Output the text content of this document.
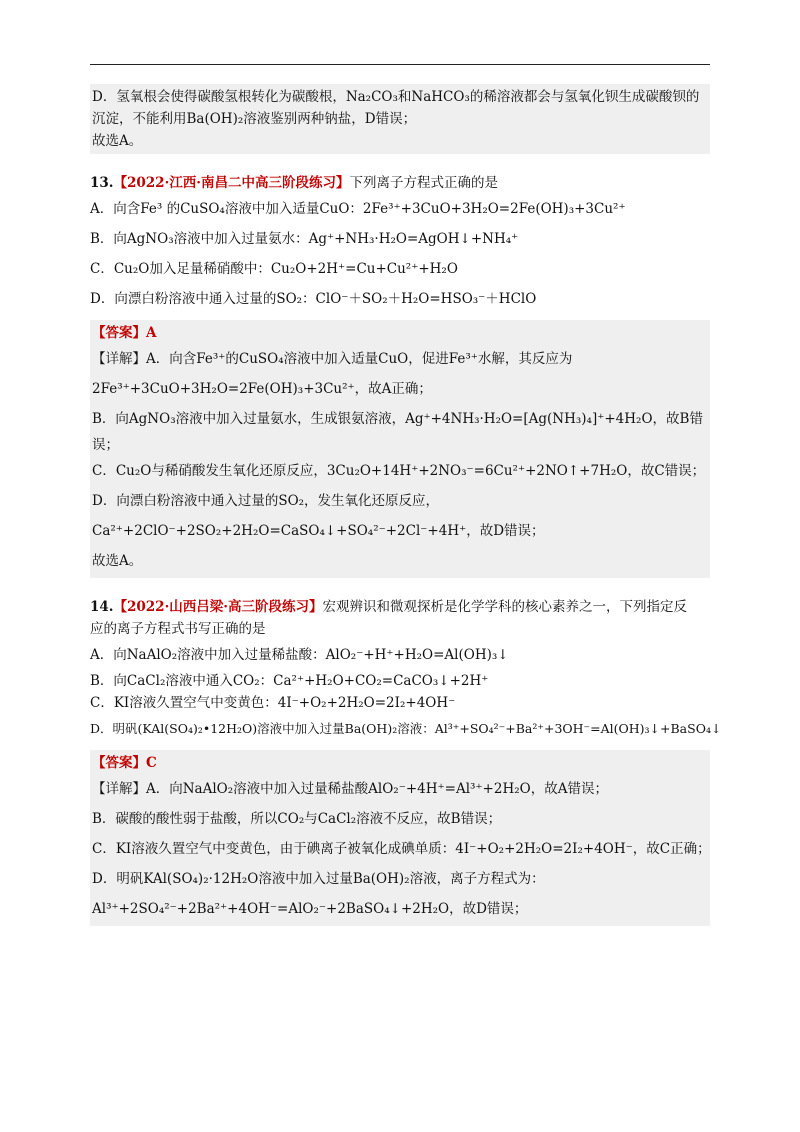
D．氢氧根会使得碳酸氢根转化为碳酸根，Na₂CO₃和NaHCO₃的稀溶液都会与氢氧化钡生成碳酸钡的
沉淀，不能利用Ba(OH)₂溶液鉴别两种钠盐，D错误；
故选A。
13.【2022·江西·南昌二中高三阶段练习】下列离子方程式正确的是
A．向含Fe³ 的CuSO₄溶液中加入适量CuO：2Fe³⁺+3CuO+3H₂O=2Fe(OH)₃+3Cu²⁺
B．向AgNO₃溶液中加入过量氨水：Ag⁺+NH₃·H₂O=AgOH↓+NH₄⁺
C．Cu₂O加入足量稀硝酸中：Cu₂O+2H⁺=Cu+Cu²⁺+H₂O
D．向漂白粉溶液中通入过量的SO₂：ClO⁻＋SO₂＋H₂O=HSO₃⁻＋HClO
【答案】A
【详解】A．向含Fe³⁺的CuSO₄溶液中加入适量CuO，促进Fe³⁺水解，其反应为
2Fe³⁺+3CuO+3H₂O=2Fe(OH)₃+3Cu²⁺，故A正确；
B．向AgNO₃溶液中加入过量氨水，生成银氨溶液，Ag⁺+4NH₃·H₂O=[Ag(NH₃)₄]⁺+4H₂O，故B错
误；
C．Cu₂O与稀硝酸发生氧化还原反应，3Cu₂O+14H⁺+2NO₃⁻=6Cu²⁺+2NO↑+7H₂O，故C错误；
D．向漂白粉溶液中通入过量的SO₂，发生氧化还原反应，
Ca²⁺+2ClO⁻+2SO₂+2H₂O=CaSO₄↓+SO₄²⁻+2Cl⁻+4H⁺，故D错误；
故选A。
14.【2022·山西吕梁·高三阶段练习】宏观辨识和微观探析是化学学科的核心素养之一，下列指定反
应的离子方程式书写正确的是
A．向NaAlO₂溶液中加入过量稀盐酸：AlO₂⁻+H⁺+H₂O=Al(OH)₃↓
B．向CaCl₂溶液中通入CO₂：Ca²⁺+H₂O+CO₂=CaCO₃↓+2H⁺
C．KI溶液久置空气中变黄色：4I⁻+O₂+2H₂O=2I₂+4OH⁻
D．明矾(KAl(SO₄)₂•12H₂O)溶液中加入过量Ba(OH)₂溶液：Al³⁺+SO₄²⁻+Ba²⁺+3OH⁻=Al(OH)₃↓+BaSO₄↓
【答案】C
【详解】A．向NaAlO₂溶液中加入过量稀盐酸AlO₂⁻+4H⁺=Al³⁺+2H₂O，故A错误；
B．碳酸的酸性弱于盐酸，所以CO₂与CaCl₂溶液不反应，故B错误；
C．KI溶液久置空气中变黄色，由于碘离子被氧化成碘单质：4I⁻+O₂+2H₂O=2I₂+4OH⁻，故C正确；
D．明矾KAl(SO₄)₂·12H₂O溶液中加入过量Ba(OH)₂溶液，离子方程式为：
Al³⁺+2SO₄²⁻+2Ba²⁺+4OH⁻=AlO₂⁻+2BaSO₄↓+2H₂O，故D错误；
